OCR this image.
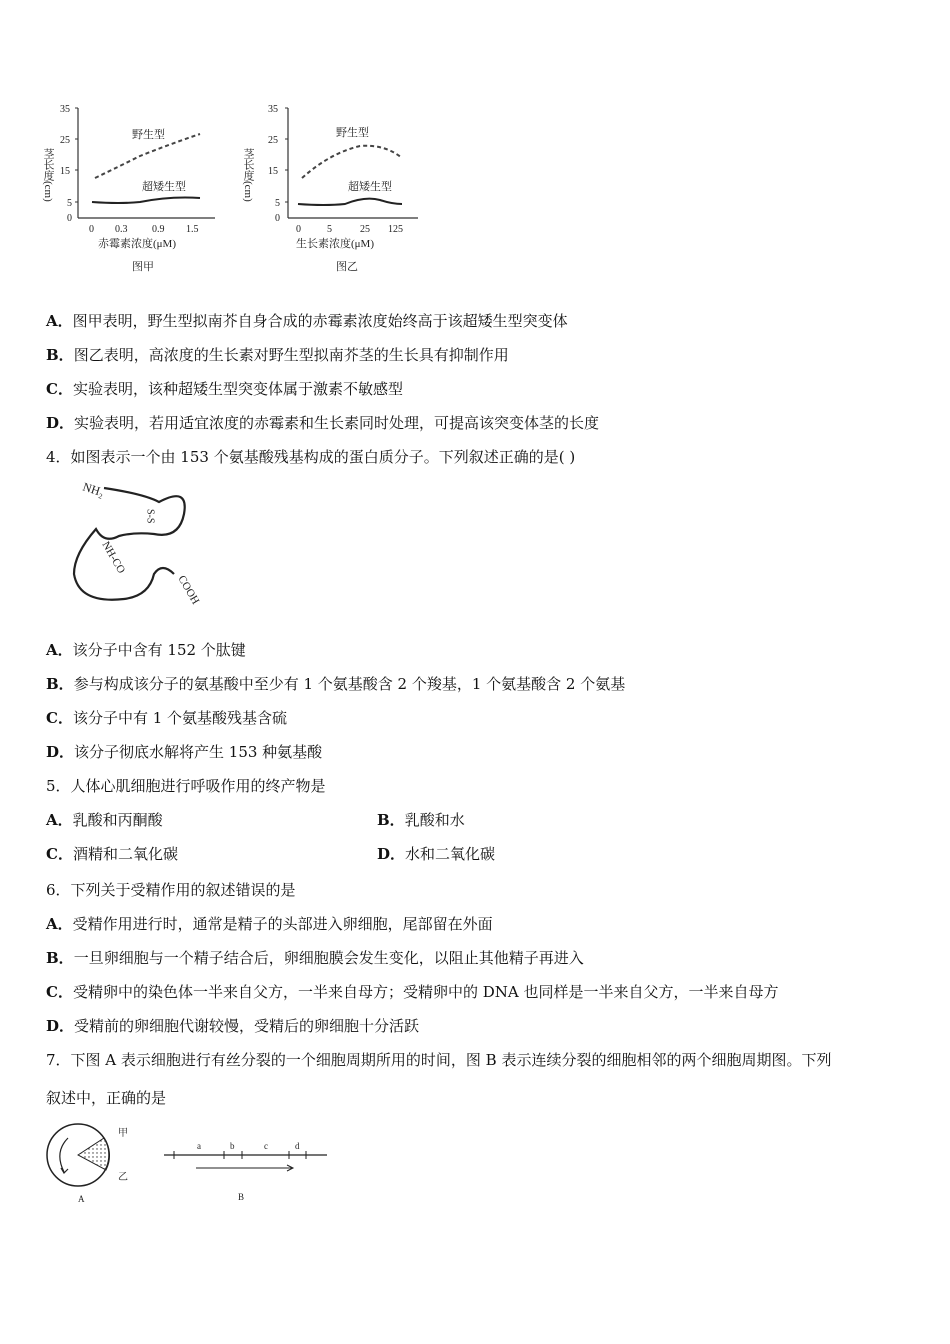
茎长度(cm)
35
25
15
5
0
野生型
超矮生型
0 0.3 0.9 1.5
赤霉素浓度(μM)
图甲
茎长度(cm)
35
25
15
5
0
野生型
超矮生型
0	5	25 125
生长素浓度(μM)
图乙
A．图甲表明，野生型拟南芥自身合成的赤霉素浓度始终高于该超矮生型突变体
B．图乙表明，高浓度的生长素对野生型拟南芥茎的生长具有抑制作用
C．实验表明，该种超矮生型突变体属于激素不敏感型
D．实验表明，若用适宜浓度的赤霉素和生长素同时处理，可提高该突变体茎的长度
4．如图表示一个由 153 个氨基酸残基构成的蛋白质分子。下列叙述正确的是( )
NH₂
S-S
NH-CO
COOH
A．该分子中含有 152 个肽键
B．参与构成该分子的氨基酸中至少有 1 个氨基酸含 2 个羧基，1 个氨基酸含 2 个氨基
C．该分子中有 1 个氨基酸残基含硫
D．该分子彻底水解将产生 153 种氨基酸
5．人体心肌细胞进行呼吸作用的终产物是
A．乳酸和丙酮酸	B．乳酸和水
C．酒精和二氧化碳	D．水和二氧化碳
6．下列关于受精作用的叙述错误的是
A．受精作用进行时，通常是精子的头部进入卵细胞，尾部留在外面
B．一旦卵细胞与一个精子结合后，卵细胞膜会发生变化，以阻止其他精子再进入
C．受精卵中的染色体一半来自父方，一半来自母方；受精卵中的 DNA 也同样是一半来自父方，一半来自母方
D．受精前的卵细胞代谢较慢，受精后的卵细胞十分活跃
7．下图 A 表示细胞进行有丝分裂的一个细胞周期所用的时间，图 B 表示连续分裂的细胞相邻的两个细胞周期图。下列
叙述中，正确的是
甲
乙
A
a	b	c	d
B
